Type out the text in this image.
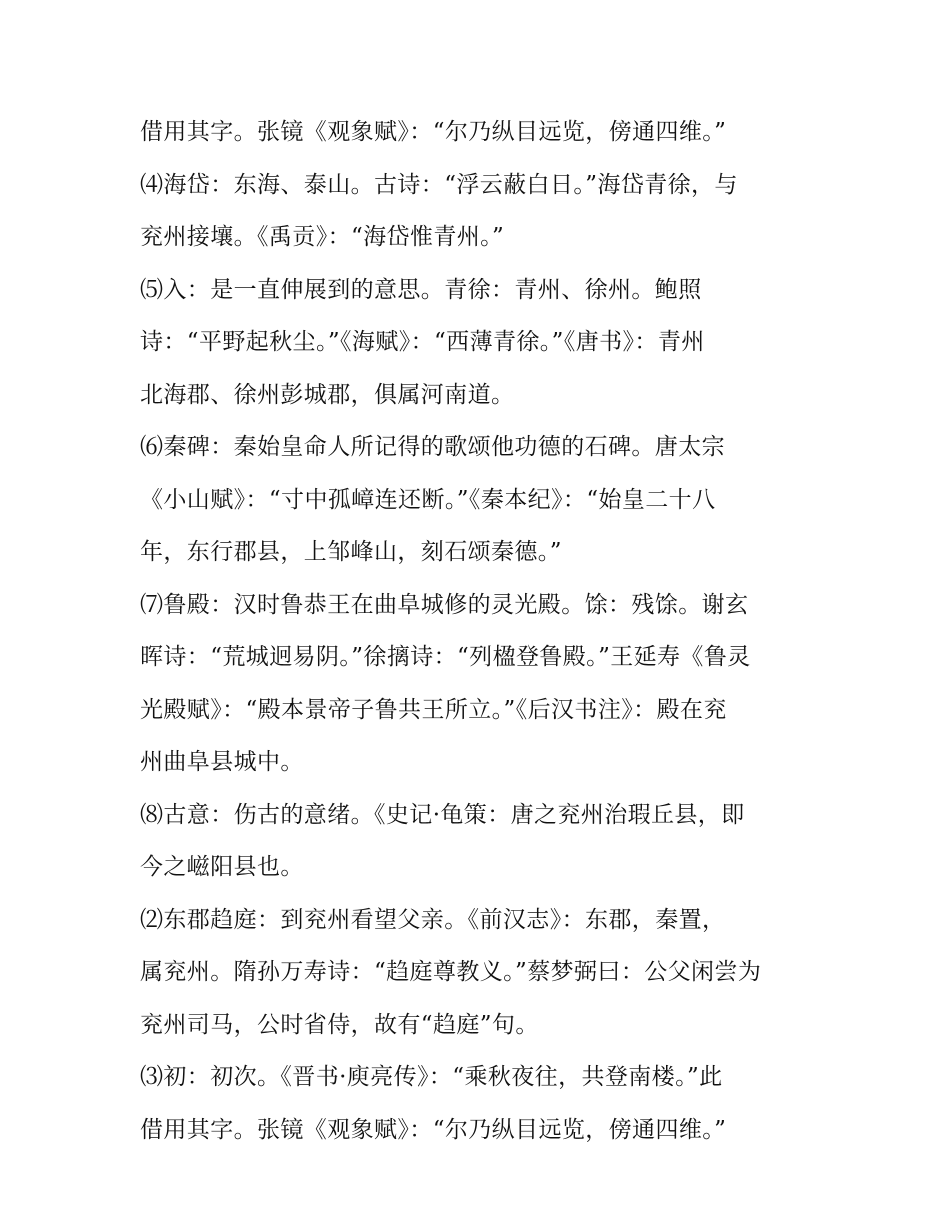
借用其字。张镜《观象赋》：“尔乃纵目远览，傍通四维。”
⑷海岱：东海、泰山。古诗：“浮云蔽白日。”海岱青徐，与
兖州接壤。《禹贡》：“海岱惟青州。”
⑸入：是一直伸展到的意思。青徐：青州、徐州。鲍照
诗：“平野起秋尘。”《海赋》：“西薄青徐。”《唐书》：青州
北海郡、徐州彭城郡，俱属河南道。
⑹秦碑：秦始皇命人所记得的歌颂他功德的石碑。唐太宗
《小山赋》：“寸中孤嶂连还断。”《秦本纪》：“始皇二十八
年，东行郡县，上邹峰山，刻石颂秦德。”
⑺鲁殿：汉时鲁恭王在曲阜城修的灵光殿。馀：残馀。谢玄
晖诗：“荒城迥易阴。”徐摛诗：“列楹登鲁殿。”王延寿《鲁灵
光殿赋》：“殿本景帝子鲁共王所立。”《后汉书注》：殿在兖
州曲阜县城中。
⑻古意：伤古的意绪。《史记·龟策：唐之兖州治瑕丘县，即
今之嵫阳县也。
⑵东郡趋庭：到兖州看望父亲。《前汉志》：东郡，秦置，
属兖州。隋孙万寿诗：“趋庭尊教义。”蔡梦弼曰：公父闲尝为
兖州司马，公时省侍，故有“趋庭”句。
⑶初：初次。《晋书·庾亮传》：“乘秋夜往，共登南楼。”此
借用其字。张镜《观象赋》：“尔乃纵目远览，傍通四维。”
